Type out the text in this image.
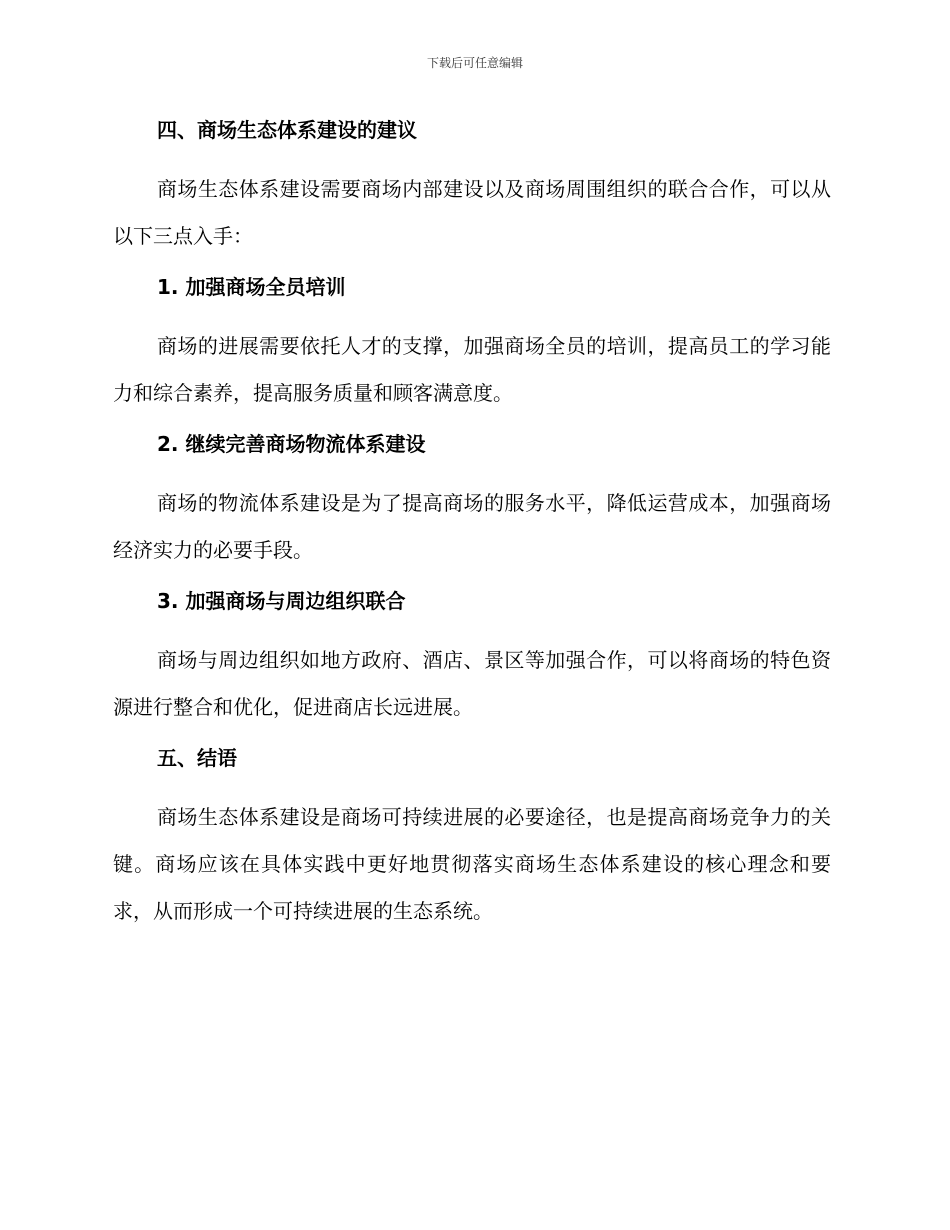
下载后可任意编辑
四、商场生态体系建设的建议

商场生态体系建设需要商场内部建设以及商场周围组织的联合合作，可以从以下三点入手：

1. 加强商场全员培训

商场的进展需要依托人才的支撑，加强商场全员的培训，提高员工的学习能力和综合素养，提高服务质量和顾客满意度。

2. 继续完善商场物流体系建设

商场的物流体系建设是为了提高商场的服务水平，降低运营成本，加强商场经济实力的必要手段。

3. 加强商场与周边组织联合

商场与周边组织如地方政府、酒店、景区等加强合作，可以将商场的特色资源进行整合和优化，促进商店长远进展。

五、结语

商场生态体系建设是商场可持续进展的必要途径，也是提高商场竞争力的关键。商场应该在具体实践中更好地贯彻落实商场生态体系建设的核心理念和要求，从而形成一个可持续进展的生态系统。
